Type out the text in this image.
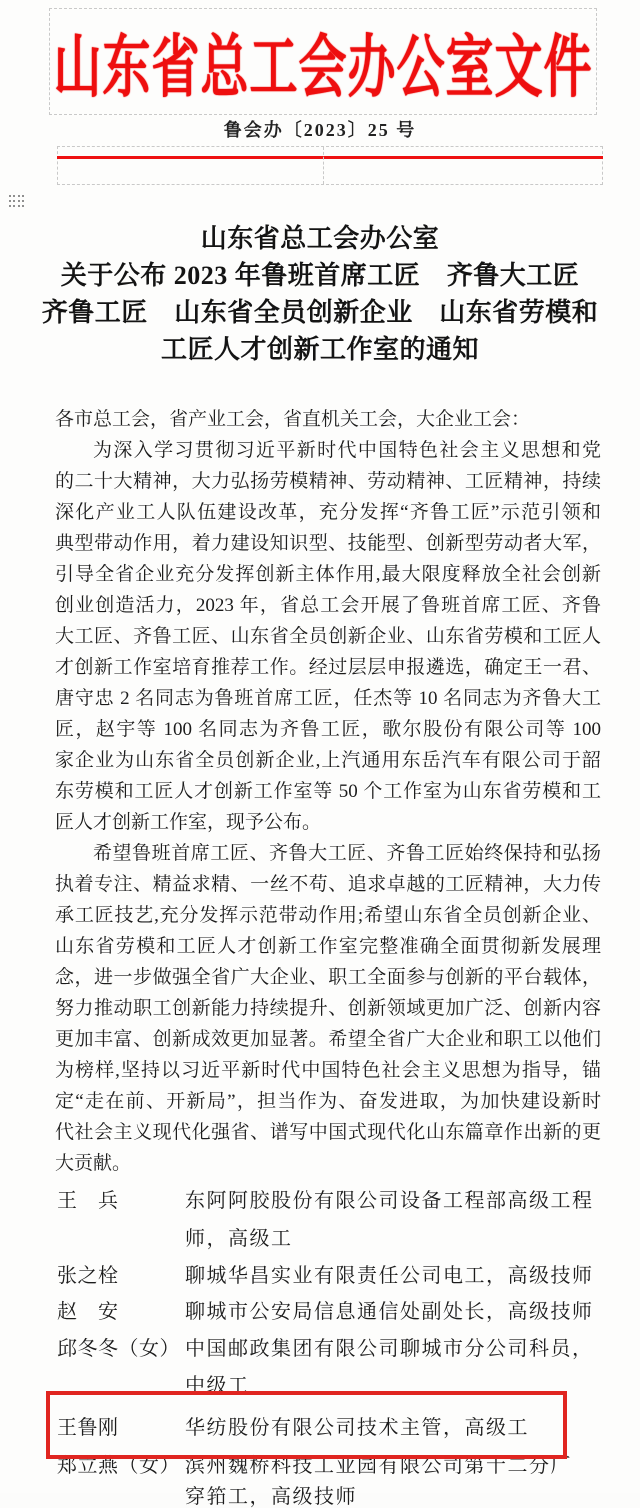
山东省总工会办公室文件
鲁会办〔2023〕25 号
山东省总工会办公室
关于公布 2023 年鲁班首席工匠　齐鲁大工匠
齐鲁工匠　山东省全员创新企业　山东省劳模和
工匠人才创新工作室的通知
各市总工会，省产业工会，省直机关工会，大企业工会：
为深入学习贯彻习近平新时代中国特色社会主义思想和党
的二十大精神，大力弘扬劳模精神、劳动精神、工匠精神，持续
深化产业工人队伍建设改革，充分发挥“齐鲁工匠”示范引领和
典型带动作用，着力建设知识型、技能型、创新型劳动者大军，
引导全省企业充分发挥创新主体作用,最大限度释放全社会创新
创业创造活力，2023 年，省总工会开展了鲁班首席工匠、齐鲁
大工匠、齐鲁工匠、山东省全员创新企业、山东省劳模和工匠人
才创新工作室培育推荐工作。经过层层申报遴选，确定王一君、
唐守忠 2 名同志为鲁班首席工匠，任杰等 10 名同志为齐鲁大工
匠，赵宇等 100 名同志为齐鲁工匠，歌尔股份有限公司等 100
家企业为山东省全员创新企业,上汽通用东岳汽车有限公司于韶
东劳模和工匠人才创新工作室等 50 个工作室为山东省劳模和工
匠人才创新工作室，现予公布。
希望鲁班首席工匠、齐鲁大工匠、齐鲁工匠始终保持和弘扬
执着专注、精益求精、一丝不苟、追求卓越的工匠精神，大力传
承工匠技艺,充分发挥示范带动作用;希望山东省全员创新企业、
山东省劳模和工匠人才创新工作室完整准确全面贯彻新发展理
念，进一步做强全省广大企业、职工全面参与创新的平台载体，
努力推动职工创新能力持续提升、创新领域更加广泛、创新内容
更加丰富、创新成效更加显著。希望全省广大企业和职工以他们
为榜样,坚持以习近平新时代中国特色社会主义思想为指导，锚
定“走在前、开新局”，担当作为、奋发进取，为加快建设新时
代社会主义现代化强省、谱写中国式现代化山东篇章作出新的更
大贡献。
王　兵	东阿阿胶股份有限公司设备工程部高级工程
师，高级工
张之栓	聊城华昌实业有限责任公司电工，高级技师
赵　安	聊城市公安局信息通信处副处长，高级技师
邱冬冬（女） 中国邮政集团有限公司聊城市分公司科员，
中级工
王鲁刚	华纺股份有限公司技术主管，高级工
郑立燕（女） 滨州魏桥科技工业园有限公司第十二分厂
穿筘工，高级技师
